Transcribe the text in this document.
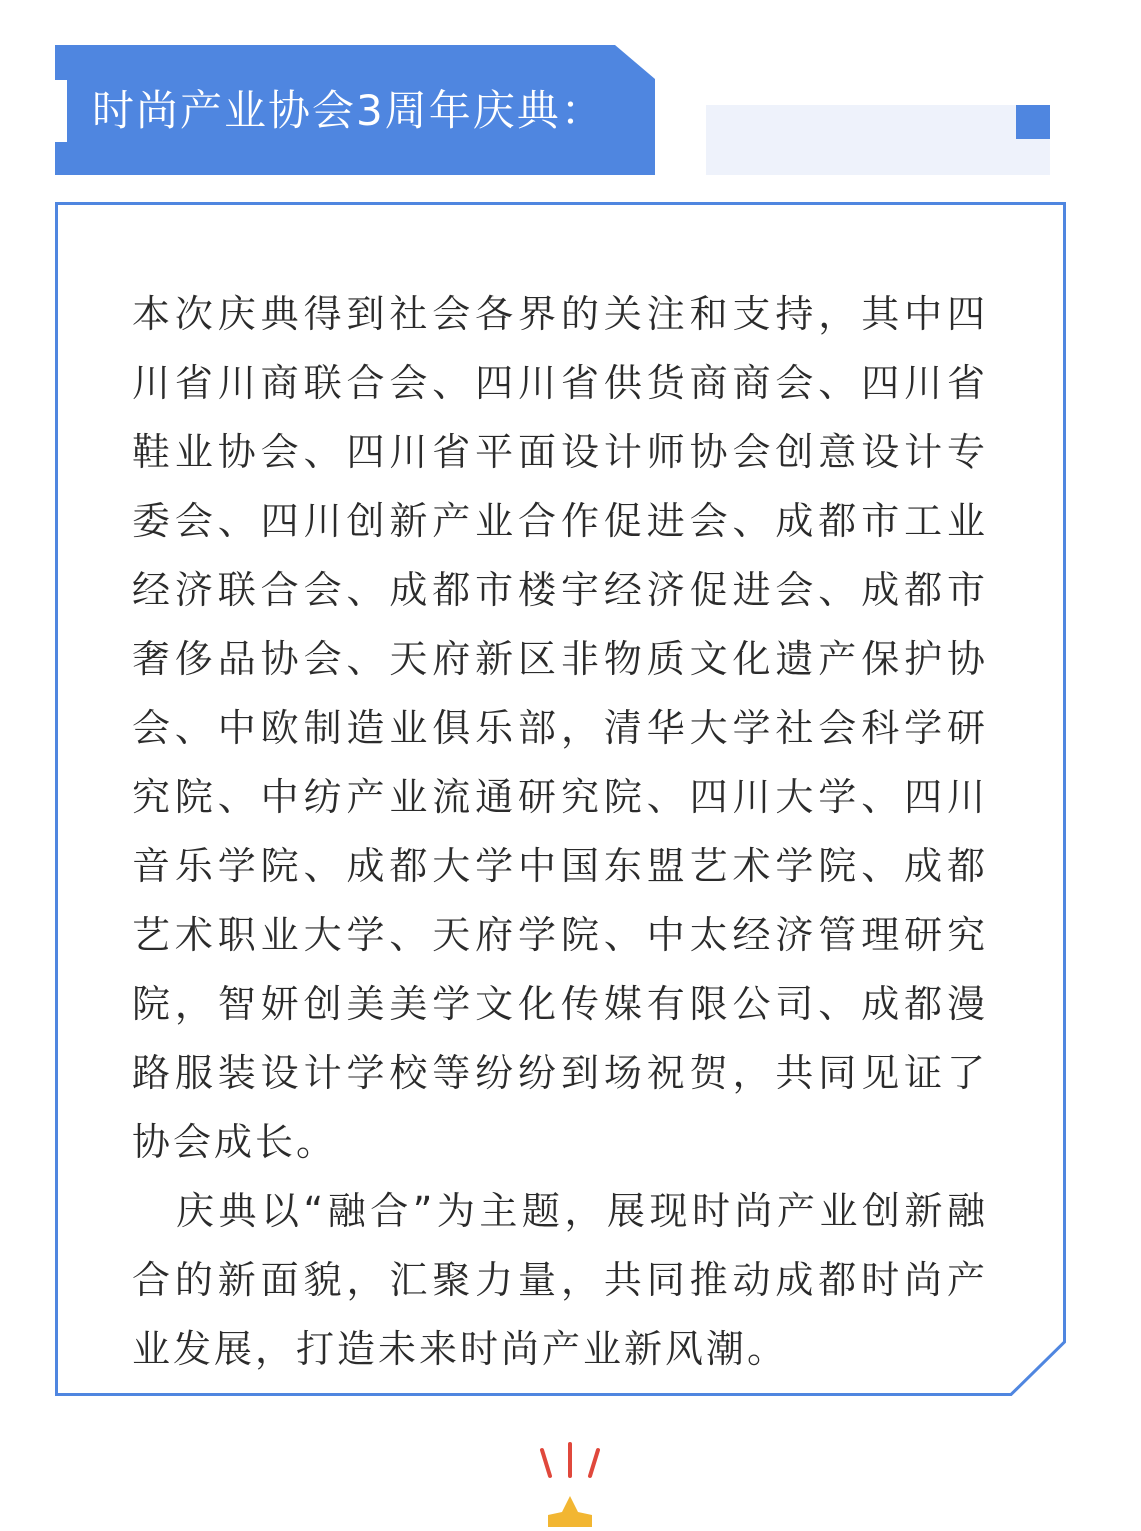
时尚产业协会3周年庆典：

本次庆典得到社会各界的关注和支持，其中四川省川商联合会、四川省供货商商会、四川省鞋业协会、四川省平面设计师协会创意设计专委会、四川创新产业合作促进会、成都市工业经济联合会、成都市楼宇经济促进会、成都市奢侈品协会、天府新区非物质文化遗产保护协会、中欧制造业俱乐部，清华大学社会科学研究院、中纺产业流通研究院、四川大学、四川音乐学院、成都大学中国东盟艺术学院、成都艺术职业大学、天府学院、中太经济管理研究院，智妍创美美学文化传媒有限公司、成都漫路服装设计学校等纷纷到场祝贺，共同见证了协会成长。

庆典以“融合”为主题，展现时尚产业创新融合的新面貌，汇聚力量，共同推动成都时尚产业发展，打造未来时尚产业新风潮。
